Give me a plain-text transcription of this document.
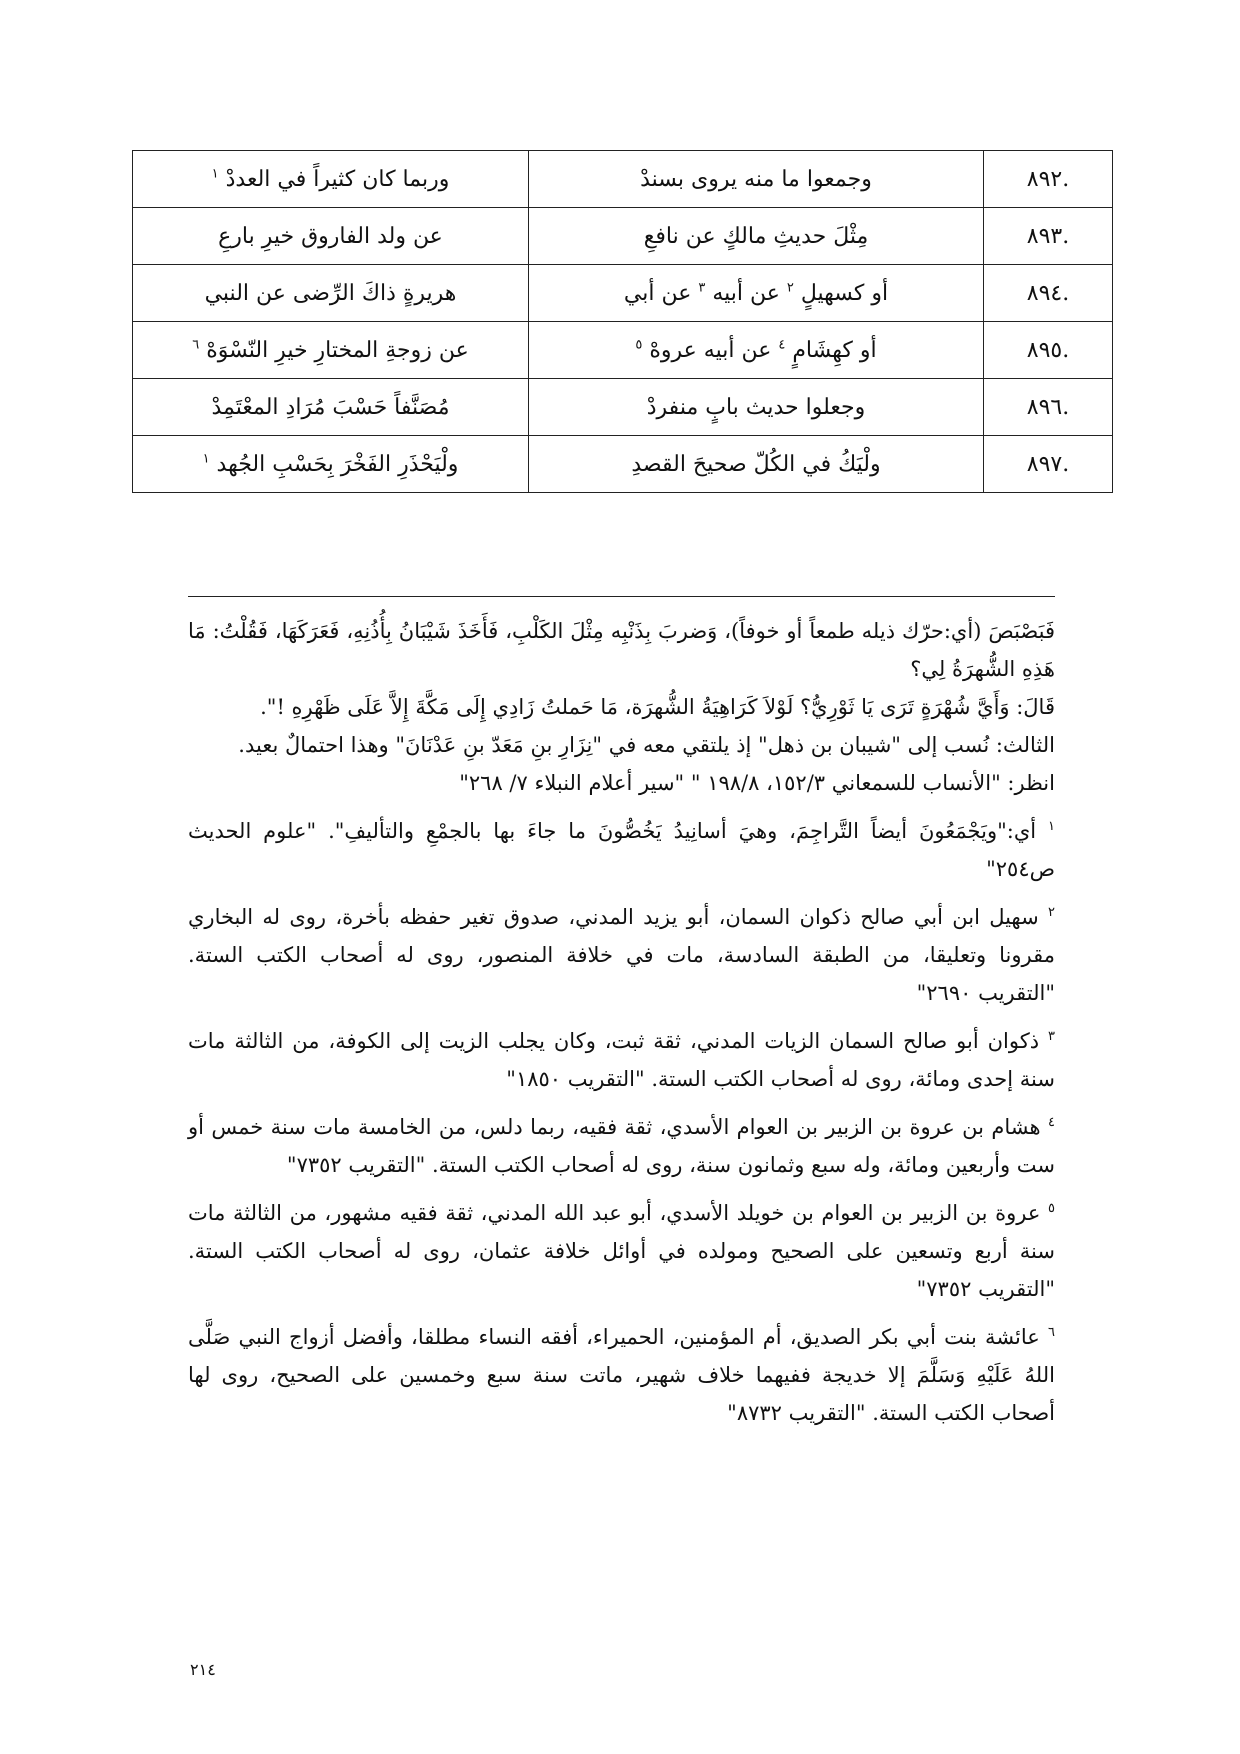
.٨٩٢	وجمعوا ما منه يروى بسندْ	وربما كان كثيراً في العددْ $^١$
.٨٩٣	مِثْلَ حديثِ مالكٍ عن نافعِ	عن ولد الفاروق خيرِ بارعِ
.٨٩٤	أو كسهيلٍ $^٢$ عن أبيه $^٣$ عن أبي	هريرةٍ ذاكَ الرِّضى عن النبي
.٨٩٥	أو كهِشَامٍ $^٤$ عن أبيه عروهْ $^٥$	عن زوجةِ المختارِ خيرِ النّسْوَهْ $^٦$
.٨٩٦	وجعلوا حديث بابٍ منفردْ	مُصَنَّفاً حَسْبَ مُرَادِ المعْتَمِدْ
.٨٩٧	ولْيَكُ في الكُلّ صحيحَ القصدِ	ولْيَحْذَرِ الفَخْرَ بِحَسْبِ الجُهد $^١$

فَبَصْبَصَ (أي:حرّك ذيله طمعاً أو خوفاً)، وَضربَ بِذَنْبِه مِثْلَ الكَلْبِ، فَأَخَذَ شَيْبَانُ بِأُذُنِهِ، فَعَرَكَهَا، فَقُلْتُ: مَا هَذِهِ الشُّهرَةُ لِي؟

قَالَ: وَأَيَّ شُهْرَةٍ تَرَى يَا ثَوْرِيُّ؟ لَوْلاَ كَرَاهِيَةُ الشُّهرَة، مَا حَملتُ زَادِي إِلَى مَكَّةَ إِلاَّ عَلَى ظَهْرِهِ !".

الثالث: نُسب إلى "شيبان بن ذهل" إذ يلتقي معه في "نِزَارِ بنِ مَعَدّ بنِ عَدْنَانَ" وهذا احتمالٌ بعيد.

انظر: "الأنساب للسمعاني ١٥٢/٣، ١٩٨/٨ " "سير أعلام النبلاء ٧/ ٢٦٨"

$^١$ أي:"ويَجْمَعُونَ أيضاً التَّراجِمَ، وهيَ أسانِيدُ يَخُصُّونَ ما جاءَ بها بالجمْعِ والتأليفِ". "علوم الحديث ص٢٥٤"

$^٢$ سهيل ابن أبي صالح ذكوان السمان، أبو يزيد المدني، صدوق تغير حفظه بأخرة، روى له البخاري مقرونا وتعليقا، من الطبقة السادسة، مات في خلافة المنصور، روى له أصحاب الكتب الستة. "التقريب ٢٦٩٠"

$^٣$ ذكوان أبو صالح السمان الزيات المدني، ثقة ثبت، وكان يجلب الزيت إلى الكوفة، من الثالثة مات سنة إحدى ومائة، روى له أصحاب الكتب الستة. "التقريب ١٨٥٠"

$^٤$ هشام بن عروة بن الزبير بن العوام الأسدي، ثقة فقيه، ربما دلس، من الخامسة مات سنة خمس أو ست وأربعين ومائة، وله سبع وثمانون سنة، روى له أصحاب الكتب الستة. "التقريب ٧٣٥٢"

$^٥$ عروة بن الزبير بن العوام بن خويلد الأسدي، أبو عبد الله المدني، ثقة فقيه مشهور، من الثالثة مات سنة أربع وتسعين على الصحيح ومولده في أوائل خلافة عثمان، روى له أصحاب الكتب الستة. "التقريب ٧٣٥٢"

$^٦$ عائشة بنت أبي بكر الصديق، أم المؤمنين، الحميراء، أفقه النساء مطلقا، وأفضل أزواج النبي صَلَّى اللهُ عَلَيْهِ وَسَلَّمَ إلا خديجة ففيهما خلاف شهير، ماتت سنة سبع وخمسين على الصحيح، روى لها أصحاب الكتب الستة. "التقريب ٨٧٣٢"

٢١٤
